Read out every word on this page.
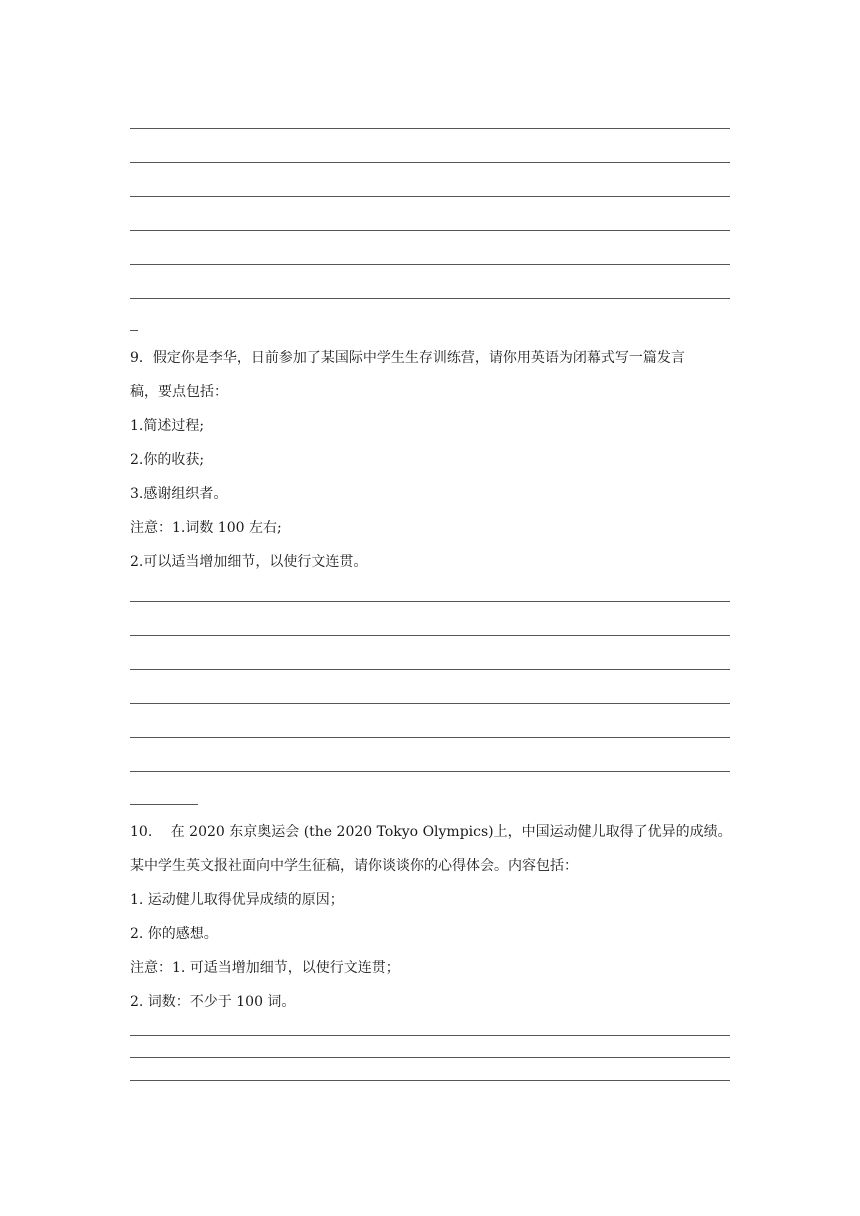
9．假定你是李华，日前参加了某国际中学生生存训练营，请你用英语为闭幕式写一篇发言
稿，要点包括：
1.简述过程;
2.你的收获;
3.感谢组织者。
注意：1.词数 100 左右;
2.可以适当增加细节，以使行文连贯。
10.　 在 2020 东京奥运会 (the 2020 Tokyo Olympics)上，中国运动健儿取得了优异的成绩。
某中学生英文报社面向中学生征稿，请你谈谈你的心得体会。内容包括：
1. 运动健儿取得优异成绩的原因；
2. 你的感想。
注意：1. 可适当增加细节，以使行文连贯；
2. 词数：不少于 100 词。
